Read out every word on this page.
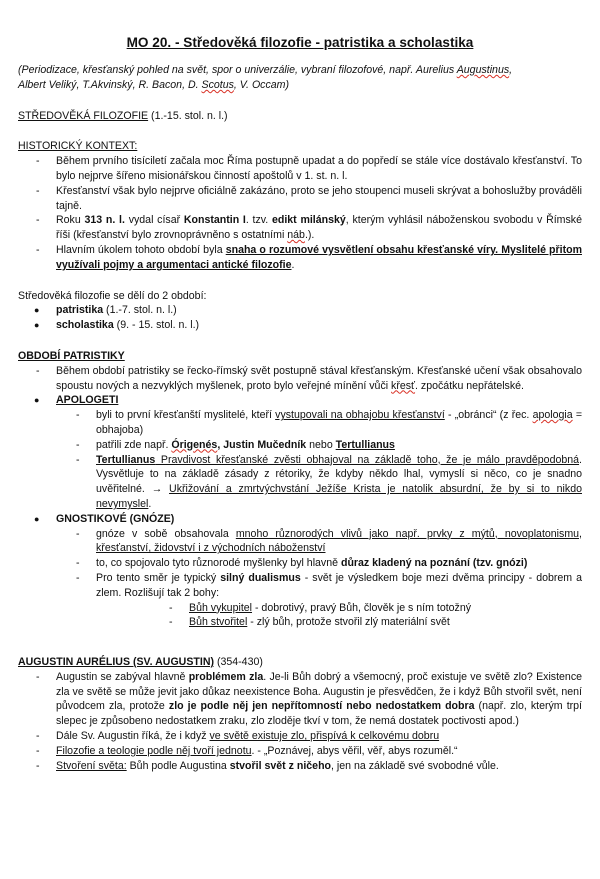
MO 20. - Středověká filozofie - patristika a scholastika
(Periodizace, křesťanský pohled na svět, spor o univerzálie, vybraní filozofové, např. Aurelius Augustinus,
Albert Veliký, T.Akvinský, R. Bacon, D. Scotus, V. Occam)
STŘEDOVĚKÁ FILOZOFIE (1.-15. stol. n. l.)
HISTORICKÝ KONTEXT:
- Během prvního tisíciletí začala moc Říma postupně upadat a do popředí se stále více dostávalo křesťanství. To bylo nejprve šířeno misionářskou činností apoštolů v 1. st. n. l.
- Křesťanství však bylo nejprve oficiálně zakázáno, proto se jeho stoupenci museli skrývat a bohoslužby prováděli tajně.
- Roku 313 n. l. vydal císař Konstantin I. tzv. edikt milánský, kterým vyhlásil náboženskou svobodu v Římské říši (křesťanství bylo zrovnoprávněno s ostatními náb.).
- Hlavním úkolem tohoto období byla snaha o rozumové vysvětlení obsahu křesťanské víry. Myslitelé přitom využívali pojmy a argumentaci antické filozofie.
Středověká filozofie se dělí do 2 období:
● patristika (1.-7. stol. n. l.)
● scholastika (9. - 15. stol. n. l.)
OBDOBÍ PATRISTIKY
- Během období patristiky se řecko-římský svět postupně stával křesťanským. Křesťanské učení však obsahovalo spoustu nových a nezvyklých myšlenek, proto bylo veřejné mínění vůči křesť. zpočátku nepřátelské.
● APOLOGETI
- byli to první křesťanští myslitelé, kteří vystupovali na obhajobu křesťanství - „obránci“ (z řec. apologia = obhajoba)
- patřili zde např. Órigenés, Justin Mučedník nebo Tertullianus
- Tertullianus Pravdivost křesťanské zvěsti obhajoval na základě toho, že je málo pravděpodobná. Vysvětluje to na základě zásady z rétoriky, že kdyby někdo lhal, vymyslí si něco, co je snadno uvěřitelné. → Ukřižování a zmrtvýchvstání Ježíše Krista je natolik absurdní, že by si to nikdo nevymyslel.
● GNOSTIKOVÉ (GNÓZE)
- gnóze v sobě obsahovala mnoho různorodých vlivů jako např. prvky z mýtů, novoplatonismu, křesťanství, židovství i z východních náboženství
- to, co spojovalo tyto různorodé myšlenky byl hlavně důraz kladený na poznání (tzv. gnózi)
- Pro tento směr je typický silný dualismus - svět je výsledkem boje mezi dvěma principy - dobrem a zlem. Rozlišují tak 2 bohy:
- Bůh vykupitel - dobrotivý, pravý Bůh, člověk je s ním totožný
- Bůh stvořitel - zlý bůh, protože stvořil zlý materiální svět
AUGUSTIN AURÉLIUS (SV. AUGUSTIN) (354-430)
- Augustin se zabýval hlavně problémem zla. Je-li Bůh dobrý a všemocný, proč existuje ve světě zlo? Existence zla ve světě se může jevit jako důkaz neexistence Boha. Augustin je přesvědčen, že i když Bůh stvořil svět, není původcem zla, protože zlo je podle něj jen nepřítomností nebo nedostatkem dobra (např. zlo, kterým trpí slepec je způsobeno nedostatkem zraku, zlo zloděje tkví v tom, že nemá dostatek poctivosti apod.)
- Dále Sv. Augustin říká, že i když ve světě existuje zlo, přispívá k celkovému dobru
- Filozofie a teologie podle něj tvoří jednotu. - „Poznávej, abys věřil, věř, abys rozuměl.“
- Stvoření světa: Bůh podle Augustina stvořil svět z ničeho, jen na základě své svobodné vůle.
